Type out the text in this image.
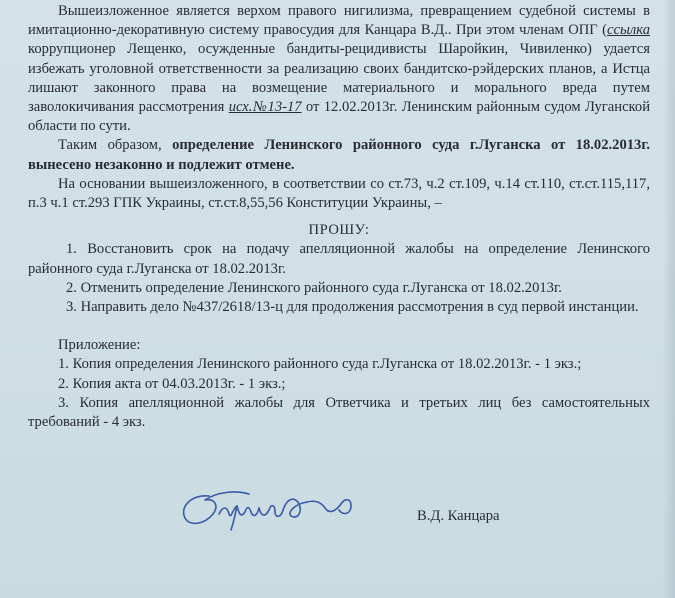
Вышеизложенное является верхом правого нигилизма, превращением судебной системы в имитационно-декоративную систему правосудия для Канцара В.Д.. При этом членам ОПГ (ссылка коррупционер Лещенко, осужденные бандиты-рецидивисты Шаройкин, Чивиленко) удается избежать уголовной ответственности за реализацию своих бандитско-рэйдерских планов, а Истца лишают законного права на возмещение материального и морального вреда путем заволокичивания рассмотрения исх.№13-17 от 12.02.2013г. Ленинским районным судом Луганской области по сути.

Таким образом, определение Ленинского районного суда г.Луганска от 18.02.2013г. вынесено незаконно и подлежит отмене.

На основании вышеизложенного, в соответствии со ст.73, ч.2 ст.109, ч.14 ст.110, ст.ст.115,117, п.3 ч.1 ст.293 ГПК Украины, ст.ст.8,55,56 Конституции Украины, –

ПРОШУ:

1. Восстановить срок на подачу апелляционной жалобы на определение Ленинского районного суда г.Луганска от 18.02.2013г.

2. Отменить определение Ленинского районного суда г.Луганска от 18.02.2013г.

3. Направить дело №437/2618/13-ц для продолжения рассмотрения в суд первой инстанции.

Приложение:

1. Копия определения Ленинского районного суда г.Луганска от 18.02.2013г. - 1 экз.;

2. Копия акта от 04.03.2013г. - 1 экз.;

3. Копия апелляционной жалобы для Ответчика и третьих лиц без самостоятельных требований - 4 экз.

В.Д. Канцара
